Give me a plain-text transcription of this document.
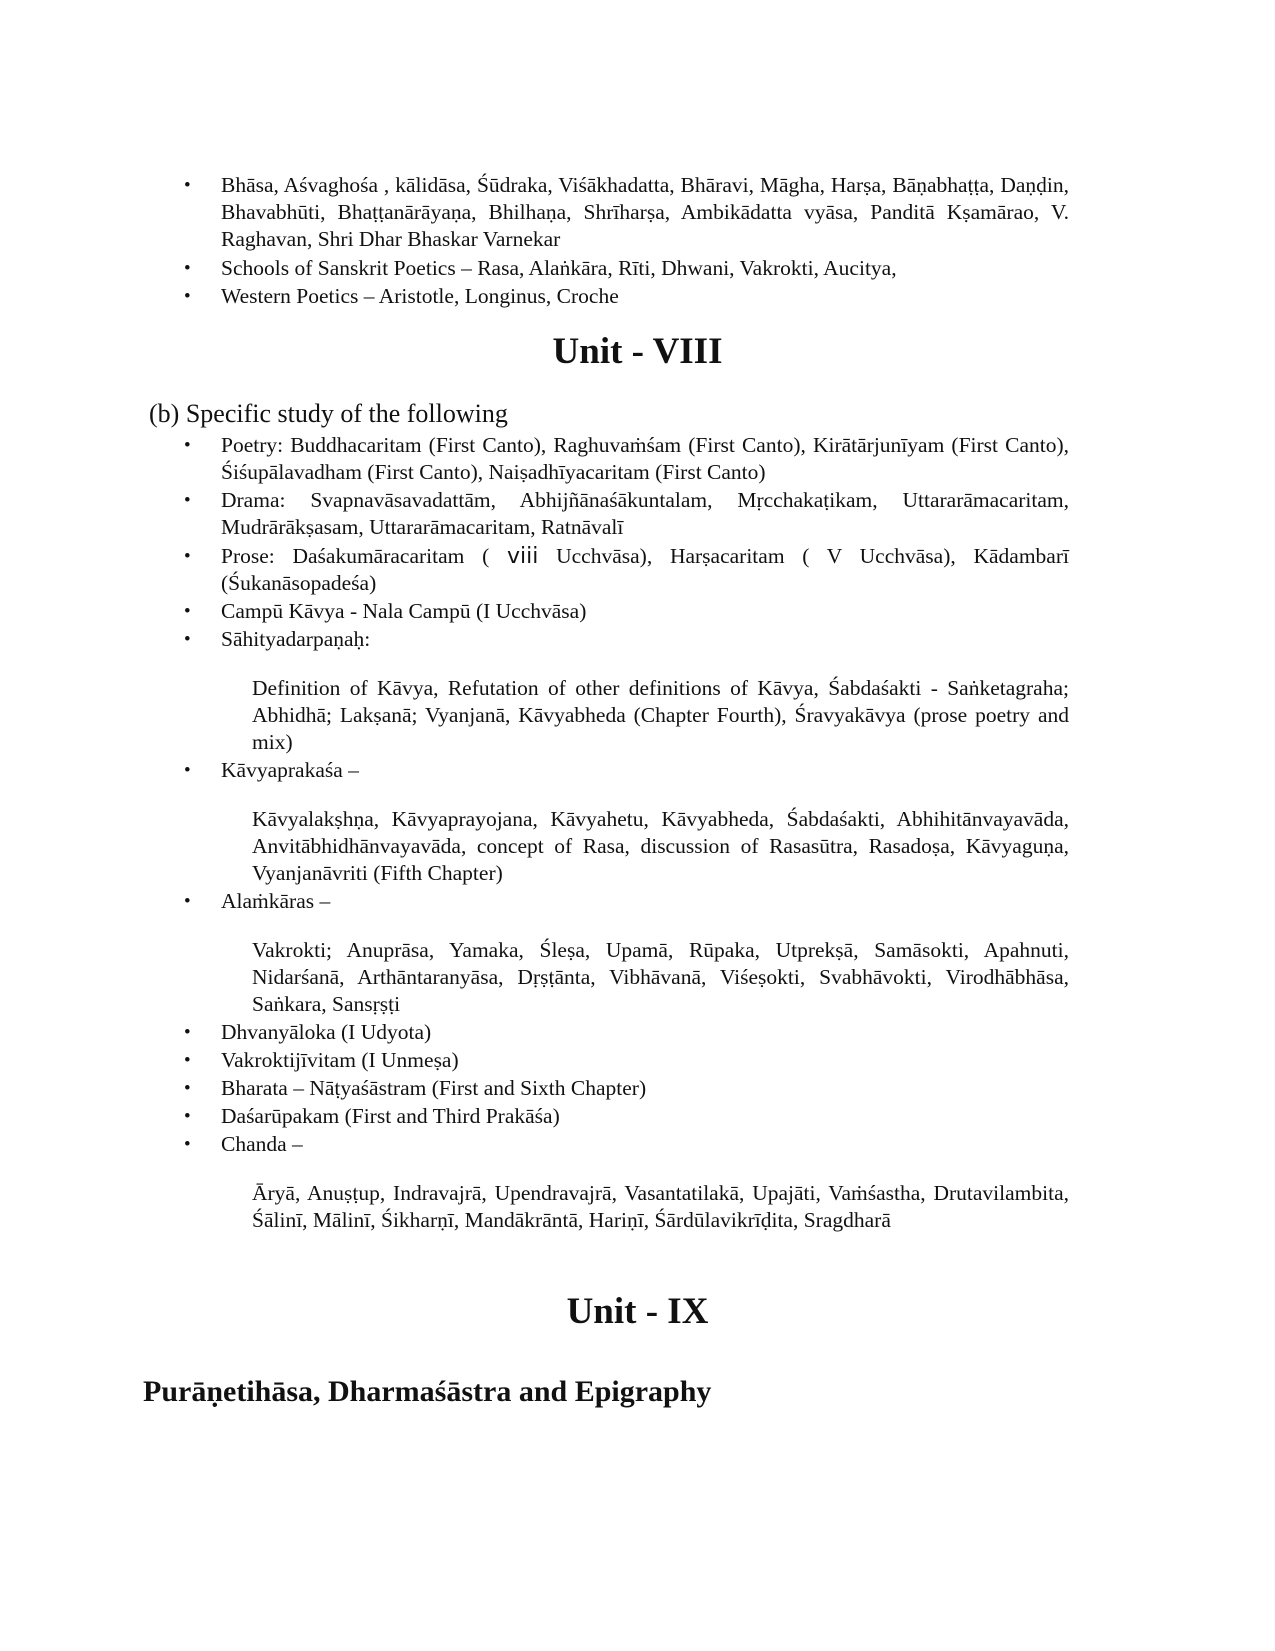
• Bhāsa, Aśvaghośa , kālidāsa, Śūdraka, Viśākhadatta, Bhāravi, Māgha, Harṣa, Bāṇabhaṭṭa, Daṇḍin, Bhavabhūti, Bhaṭṭanārāyaṇa, Bhilhaṇa, Shrīharṣa, Ambikādatta vyāsa, Panditā Kṣamārao, V. Raghavan, Shri Dhar Bhaskar Varnekar
• Schools of Sanskrit Poetics – Rasa, Alaṅkāra, Rīti, Dhwani, Vakrokti, Aucitya,
• Western Poetics – Aristotle, Longinus, Croche
Unit - VIII
(b) Specific study of the following
• Poetry: Buddhacaritam (First Canto), Raghuvaṁśam (First Canto), Kirātārjunīyam (First Canto), Śiśupālavadham (First Canto), Naiṣadhīyacaritam (First Canto)
• Drama: Svapnavāsavadattām, Abhijñānaśākuntalam, Mṛcchakaṭikam, Uttararāmacaritam, Mudrārākṣasam, Uttararāmacaritam, Ratnāvalī
• Prose: Daśakumāracaritam ( viii Ucchvāsa), Harṣacaritam ( V Ucchvāsa), Kādambarī (Śukanāsopadeśa)
• Campū Kāvya - Nala Campū (I Ucchvāsa)
• Sāhityadarpaṇaḥ:
Definition of Kāvya, Refutation of other definitions of Kāvya, Śabdaśakti - Saṅketagraha; Abhidhā; Lakṣanā; Vyanjanā, Kāvyabheda (Chapter Fourth), Śravyakāvya (prose poetry and mix)
• Kāvyaprakaśa –
Kāvyalakṣhṇa, Kāvyaprayojana, Kāvyahetu, Kāvyabheda, Śabdaśakti, Abhihitānvayavāda, Anvitābhidhānvayavāda, concept of Rasa, discussion of Rasasūtra, Rasadoṣa, Kāvyaguṇa, Vyanjanāvriti (Fifth Chapter)
• Alaṁkāras –
Vakrokti; Anuprāsa, Yamaka, Śleṣa, Upamā, Rūpaka, Utprekṣā, Samāsokti, Apahnuti, Nidarśanā, Arthāntaranyāsa, Dṛṣṭānta, Vibhāvanā, Viśeṣokti, Svabhāvokti, Virodhābhāsa, Saṅkara, Sansṛṣṭi
• Dhvanyāloka (I Udyota)
• Vakroktijīvitam (I Unmeṣa)
• Bharata – Nāṭyaśāstram (First and Sixth Chapter)
• Daśarūpakam (First and Third Prakāśa)
• Chanda –
Āryā, Anuṣṭup, Indravajrā, Upendravajrā, Vasantatilakā, Upajāti, Vaṁśastha, Drutavilambita, Śālinī, Mālinī, Śikharṇī, Mandākrāntā, Hariṇī, Śārdūlavikrīḍita, Sragdharā
Unit - IX
Purāṇetihāsa, Dharmaśāstra and Epigraphy
